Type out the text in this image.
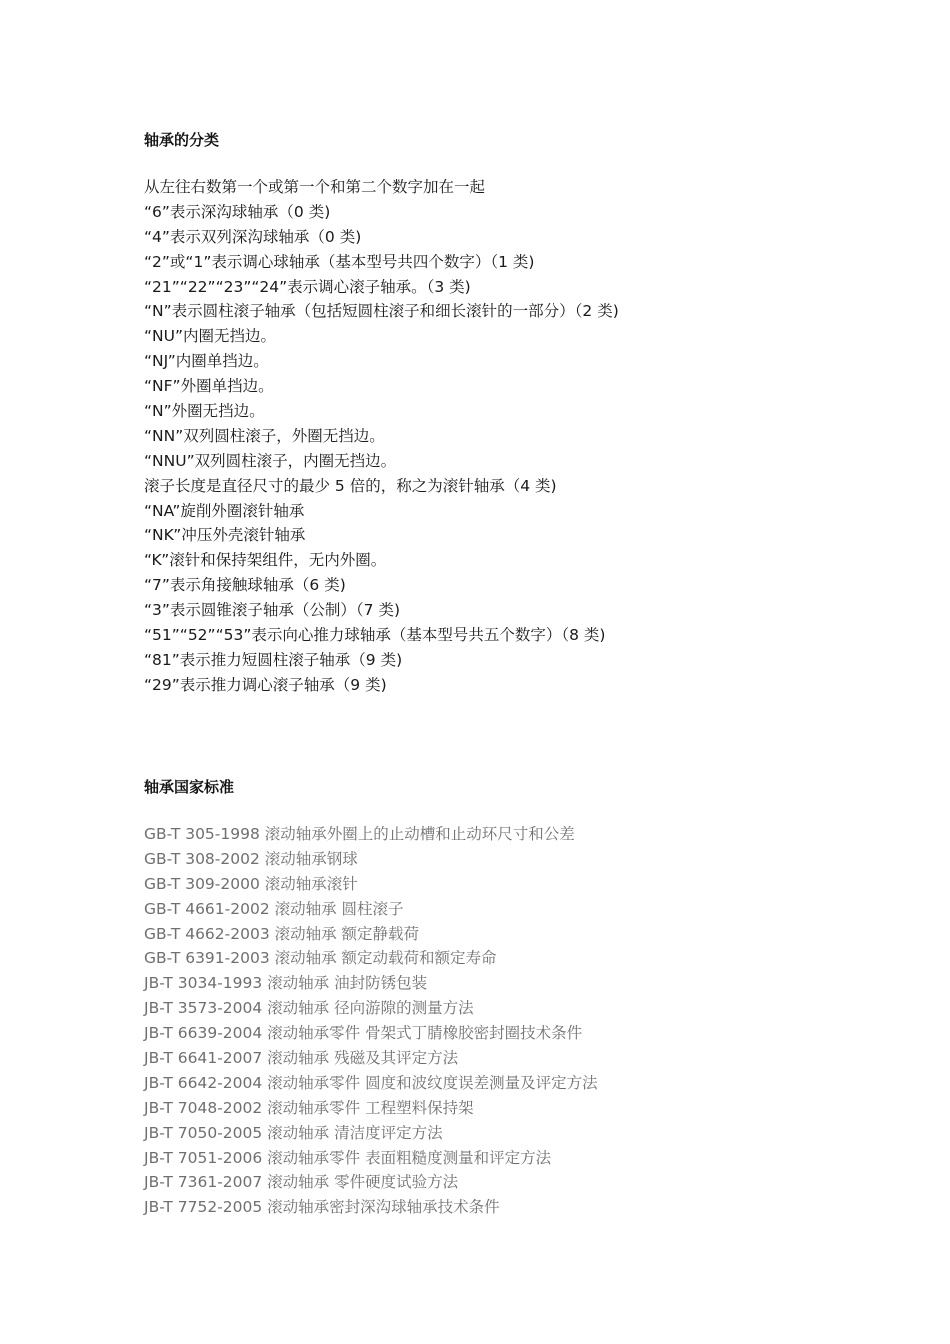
轴承的分类
从左往右数第一个或第一个和第二个数字加在一起
“6”表示深沟球轴承（0 类)
“4”表示双列深沟球轴承（0 类)
“2”或“1”表示调心球轴承（基本型号共四个数字）（1 类)
“21”“22”“23”“24”表示调心滚子轴承。（3 类)
“N”表示圆柱滚子轴承（包括短圆柱滚子和细长滚针的一部分）（2 类)
“NU”内圈无挡边。
“NJ”内圈单挡边。
“NF”外圈单挡边。
“N”外圈无挡边。
“NN”双列圆柱滚子，外圈无挡边。
“NNU”双列圆柱滚子，内圈无挡边。
滚子长度是直径尺寸的最少 5 倍的，称之为滚针轴承（4 类)
“NA”旋削外圈滚针轴承
“NK”冲压外壳滚针轴承
“K”滚针和保持架组件，无内外圈。
“7”表示角接触球轴承（6 类)
“3”表示圆锥滚子轴承（公制）（7 类)
“51”“52”“53”表示向心推力球轴承（基本型号共五个数字）（8 类)
“81”表示推力短圆柱滚子轴承（9 类)
“29”表示推力调心滚子轴承（9 类)
轴承国家标准
GB-T 305-1998 滚动轴承外圈上的止动槽和止动环尺寸和公差
GB-T 308-2002 滚动轴承钢球
GB-T 309-2000 滚动轴承滚针
GB-T 4661-2002 滚动轴承 圆柱滚子
GB-T 4662-2003 滚动轴承 额定静载荷
GB-T 6391-2003 滚动轴承 额定动载荷和额定寿命
JB-T 3034-1993 滚动轴承 油封防锈包装
JB-T 3573-2004 滚动轴承 径向游隙的测量方法
JB-T 6639-2004 滚动轴承零件 骨架式丁腈橡胶密封圈技术条件
JB-T 6641-2007 滚动轴承 残磁及其评定方法
JB-T 6642-2004 滚动轴承零件 圆度和波纹度误差测量及评定方法
JB-T 7048-2002 滚动轴承零件 工程塑料保持架
JB-T 7050-2005 滚动轴承 清洁度评定方法
JB-T 7051-2006 滚动轴承零件 表面粗糙度测量和评定方法
JB-T 7361-2007 滚动轴承 零件硬度试验方法
JB-T 7752-2005 滚动轴承密封深沟球轴承技术条件
